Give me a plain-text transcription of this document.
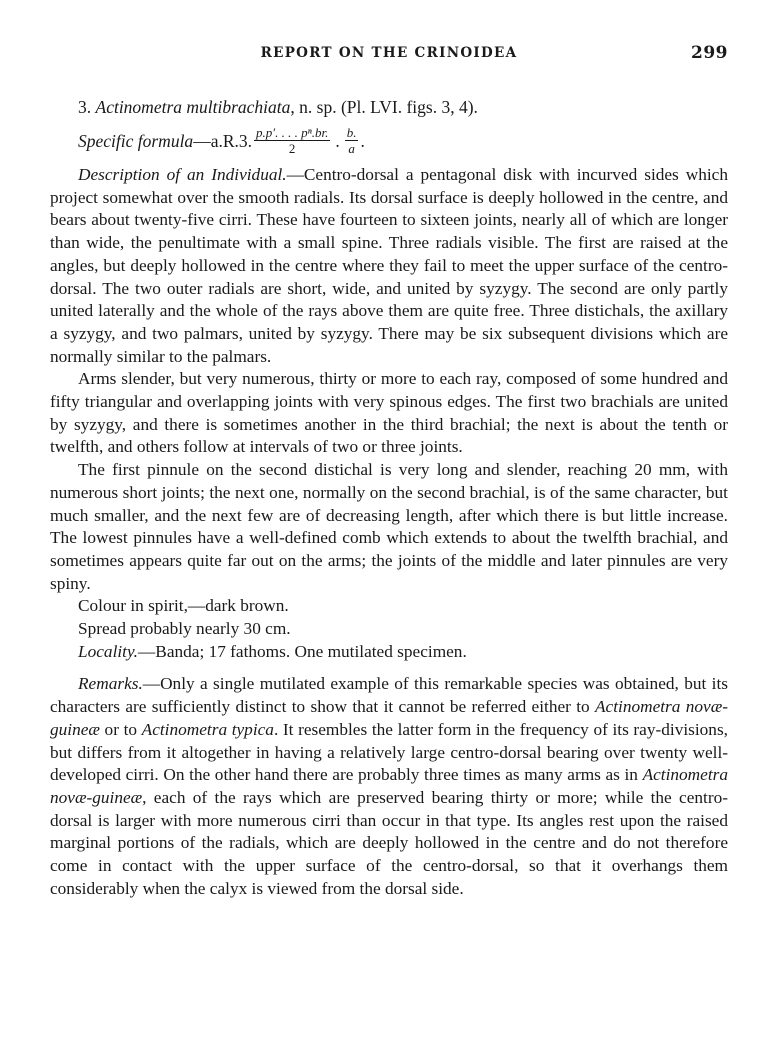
REPORT ON THE CRINOIDEA	299
3. Actinometra multibrachiata, n. sp. (Pl. LVI. figs. 3, 4).
Specific formula —a.R.3. $\frac{\text{p.p′. . . . pⁿ.br.}}{2}$ . $\frac{b.}{a}$ .

Description of an Individual.—Centro-dorsal a pentagonal disk with incurved sides which project somewhat over the smooth radials. Its dorsal surface is deeply hollowed in the centre, and bears about twenty-five cirri. These have fourteen to sixteen joints, nearly all of which are longer than wide, the penultimate with a small spine. Three radials visible. The first are raised at the angles, but deeply hollowed in the centre where they fail to meet the upper surface of the centro-dorsal. The two outer radials are short, wide, and united by syzygy. The second are only partly united laterally and the whole of the rays above them are quite free. Three distichals, the axillary a syzygy, and two palmars, united by syzygy. There may be six subsequent divisions which are normally similar to the palmars.

Arms slender, but very numerous, thirty or more to each ray, composed of some hundred and fifty triangular and overlapping joints with very spinous edges. The first two brachials are united by syzygy, and there is sometimes another in the third brachial; the next is about the tenth or twelfth, and others follow at intervals of two or three joints.

The first pinnule on the second distichal is very long and slender, reaching 20 mm, with numerous short joints; the next one, normally on the second brachial, is of the same character, but much smaller, and the next few are of decreasing length, after which there is but little increase. The lowest pinnules have a well-defined comb which extends to about the twelfth brachial, and sometimes appears quite far out on the arms; the joints of the middle and later pinnules are very spiny.

Colour in spirit,—dark brown.

Spread probably nearly 30 cm.

Locality.—Banda; 17 fathoms. One mutilated specimen.

Remarks.—Only a single mutilated example of this remarkable species was obtained, but its characters are sufficiently distinct to show that it cannot be referred either to Actinometra novæ-guineæ or to Actinometra typica. It resembles the latter form in the frequency of its ray-divisions, but differs from it altogether in having a relatively large centro-dorsal bearing over twenty well-developed cirri. On the other hand there are probably three times as many arms as in Actinometra novæ-guineæ, each of the rays which are preserved bearing thirty or more; while the centro-dorsal is larger with more numerous cirri than occur in that type. Its angles rest upon the raised marginal portions of the radials, which are deeply hollowed in the centre and do not therefore come in contact with the upper surface of the centro-dorsal, so that it overhangs them considerably when the calyx is viewed from the dorsal side.
